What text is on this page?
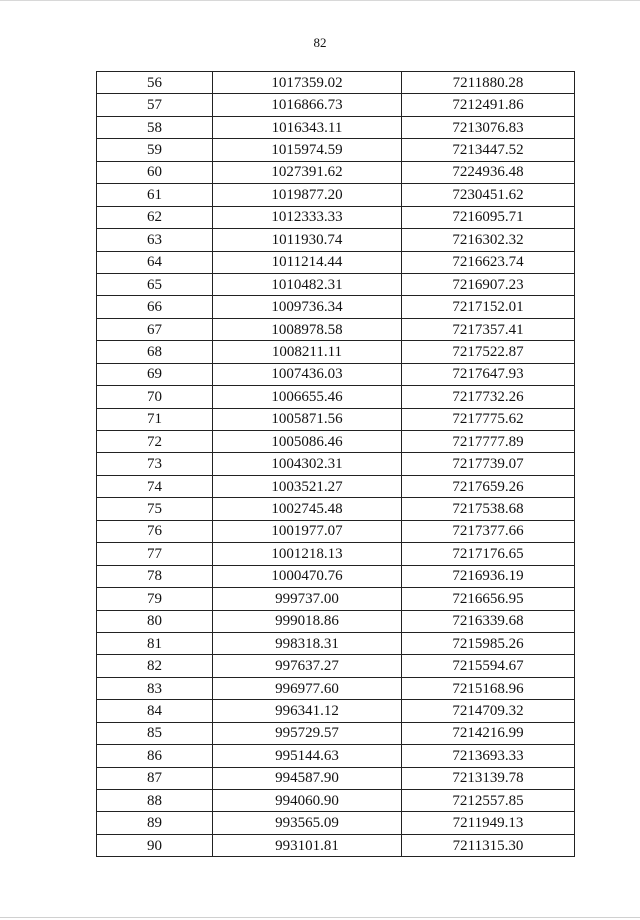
82
56	1017359.02	7211880.28
57	1016866.73	7212491.86
58	1016343.11	7213076.83
59	1015974.59	7213447.52
60	1027391.62	7224936.48
61	1019877.20	7230451.62
62	1012333.33	7216095.71
63	1011930.74	7216302.32
64	1011214.44	7216623.74
65	1010482.31	7216907.23
66	1009736.34	7217152.01
67	1008978.58	7217357.41
68	1008211.11	7217522.87
69	1007436.03	7217647.93
70	1006655.46	7217732.26
71	1005871.56	7217775.62
72	1005086.46	7217777.89
73	1004302.31	7217739.07
74	1003521.27	7217659.26
75	1002745.48	7217538.68
76	1001977.07	7217377.66
77	1001218.13	7217176.65
78	1000470.76	7216936.19
79	999737.00	7216656.95
80	999018.86	7216339.68
81	998318.31	7215985.26
82	997637.27	7215594.67
83	996977.60	7215168.96
84	996341.12	7214709.32
85	995729.57	7214216.99
86	995144.63	7213693.33
87	994587.90	7213139.78
88	994060.90	7212557.85
89	993565.09	7211949.13
90	993101.81	7211315.30
